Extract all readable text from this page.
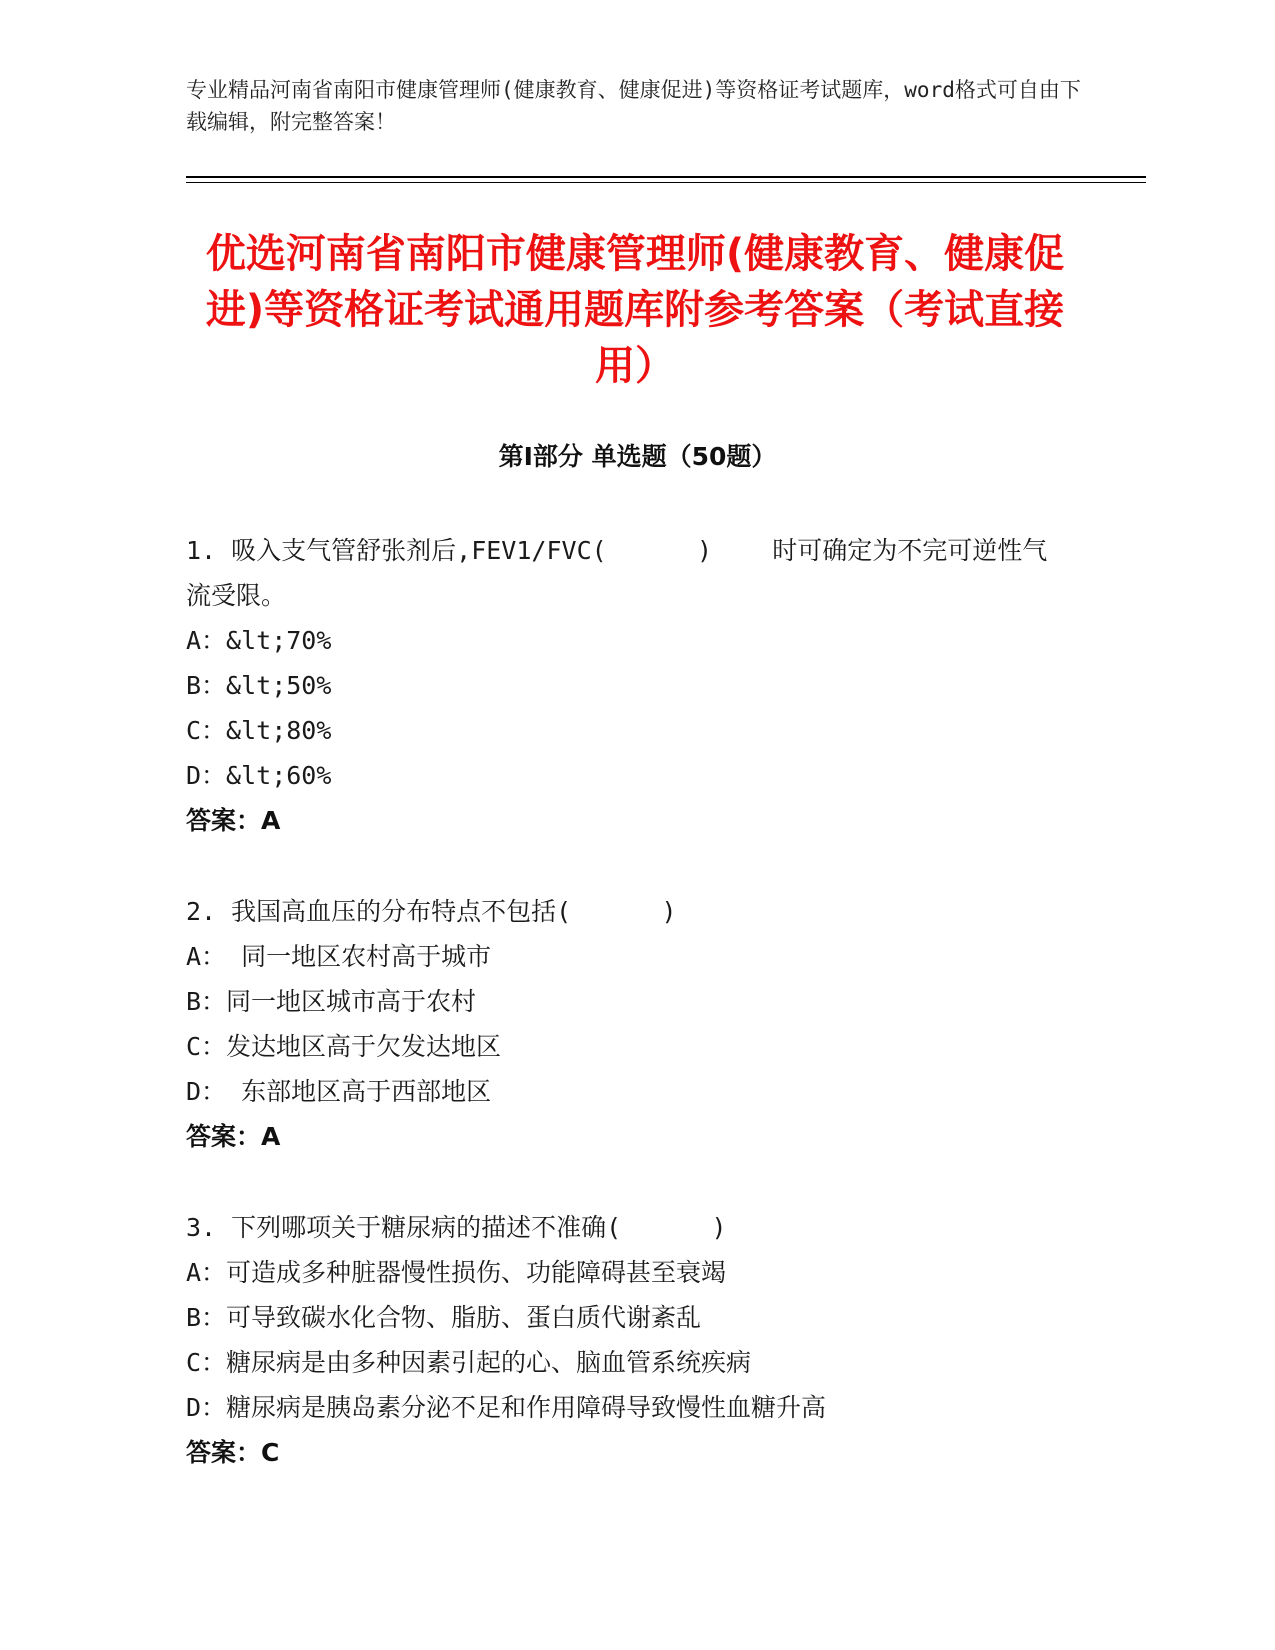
专业精品河南省南阳市健康管理师(健康教育、健康促进)等资格证考试题库，word格式可自由下载编辑，附完整答案！
优选河南省南阳市健康管理师(健康教育、健康促进)等资格证考试通用题库附参考答案（考试直接用）
第Ⅰ部分 单选题（50题）
1. 吸入支气管舒张剂后,FEV1/FVC(      )    时可确定为不完可逆性气流受限。
A：&lt;70%
B：&lt;50%
C：&lt;80%
D：&lt;60%
答案：A
2. 我国高血压的分布特点不包括(      )
A： 同一地区农村高于城市
B：同一地区城市高于农村
C：发达地区高于欠发达地区
D： 东部地区高于西部地区
答案：A
3. 下列哪项关于糖尿病的描述不准确(      )
A：可造成多种脏器慢性损伤、功能障碍甚至衰竭
B：可导致碳水化合物、脂肪、蛋白质代谢紊乱
C：糖尿病是由多种因素引起的心、脑血管系统疾病
D：糖尿病是胰岛素分泌不足和作用障碍导致慢性血糖升高
答案：C
